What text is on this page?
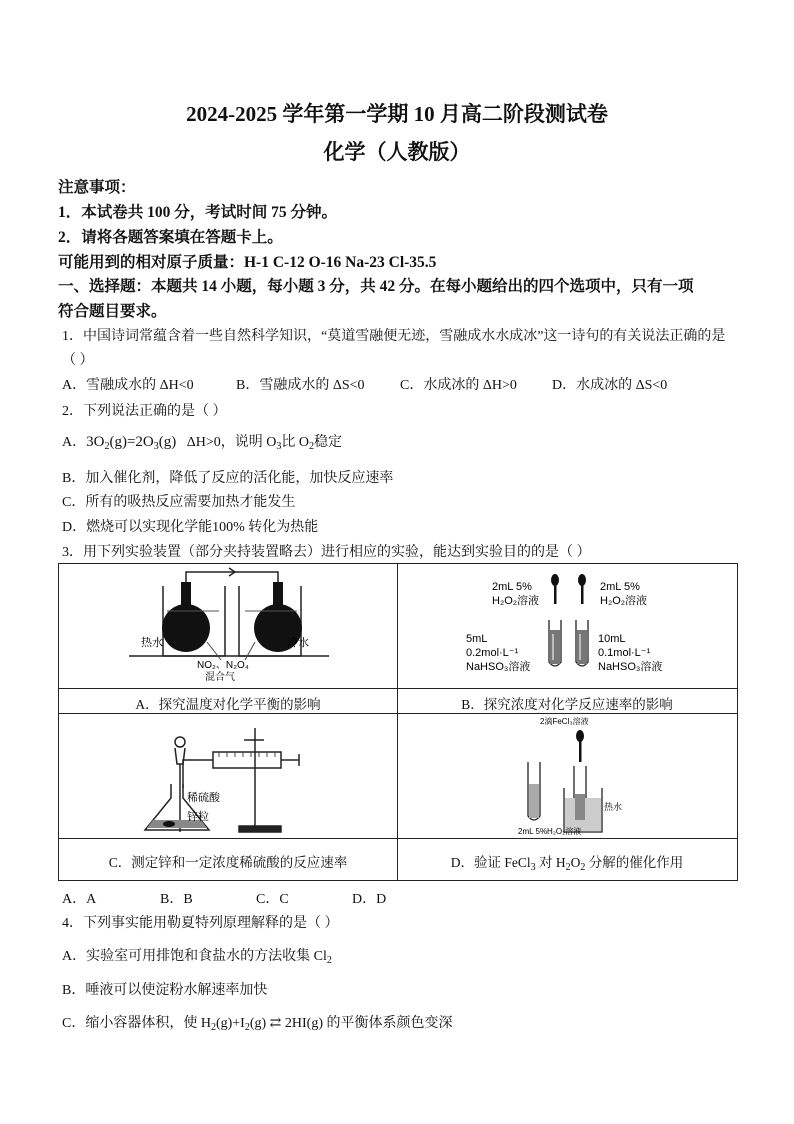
2024-2025 学年第一学期 10 月高二阶段测试卷
化学（人教版）
注意事项：
1．本试卷共 100 分，考试时间 75 分钟。
2．请将各题答案填在答题卡上。
可能用到的相对原子质量：H-1 C-12 O-16 Na-23 Cl-35.5
一、选择题：本题共 14 小题，每小题 3 分，共 42 分。在每小题给出的四个选项中，只有一项
符合题目要求。
1．中国诗词常蕴含着一些自然科学知识，“莫道雪融便无迹，雪融成水水成冰”这一诗句的有关说法正确的是
（ ）
A．雪融成水的 ΔH<0	B．雪融成水的 ΔS<0	C．水成冰的 ΔH>0	D．水成冰的 ΔS<0
2．下列说法正确的是（ ）
A．$3O_2(g)=2O_3(g)$ ΔH>0，说明 $O_3$比 $O_2$稳定
B．加入催化剂，降低了反应的活化能，加快反应速率
C．所有的吸热反应需要加热才能发生
D．燃烧可以实现化学能100% 转化为热能
3．用下列实验装置（部分夹持装置略去）进行相应的实验，能达到实验目的的是（ ）
热水	冷水
NO₂、N₂O₄
混合气
A．探究温度对化学平衡的影响
2mL 5%
H₂O₂溶液
2mL 5%
H₂O₂溶液
5mL
0.2mol·L⁻¹
NaHSO₃溶液
10mL
0.1mol·L⁻¹
NaHSO₃溶液
B．探究浓度对化学反应速率的影响
稀硫酸
锌粒
C．测定锌和一定浓度稀硫酸的反应速率
2滴FeCl₃溶液
热水
2mL 5%H₂O₂溶液
D．验证 FeCl$_3$ 对 $H_2O_2$ 分解的催化作用
A．A	B．B	C．C	D．D
4．下列事实能用勒夏特列原理解释的是（ ）
A．实验室可用排饱和食盐水的方法收集 $Cl_2$
B．唾液可以使淀粉水解速率加快
C．缩小容器体积，使 $H_2(g)+I_2(g)$ ⇄ 2HI(g) 的平衡体系颜色变深
